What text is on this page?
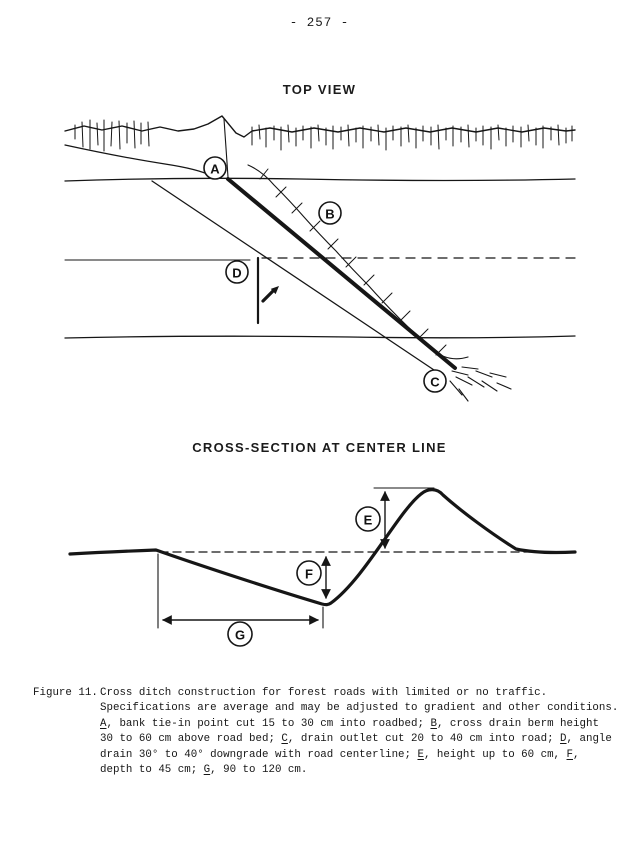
- 257 -
TOP VIEW
A
B
D
C
CROSS-SECTION AT CENTER LINE
E
F
G
Figure 11. Cross ditch construction for forest roads with limited or no traffic.
Specifications are average and may be adjusted to gradient and other conditions.
A, bank tie-in point cut 15 to 30 cm into roadbed; B, cross drain berm height
30 to 60 cm above road bed; C, drain outlet cut 20 to 40 cm into road; D, angle
drain 30° to 40° downgrade with road centerline; E, height up to 60 cm, F,
depth to 45 cm; G, 90 to 120 cm.
